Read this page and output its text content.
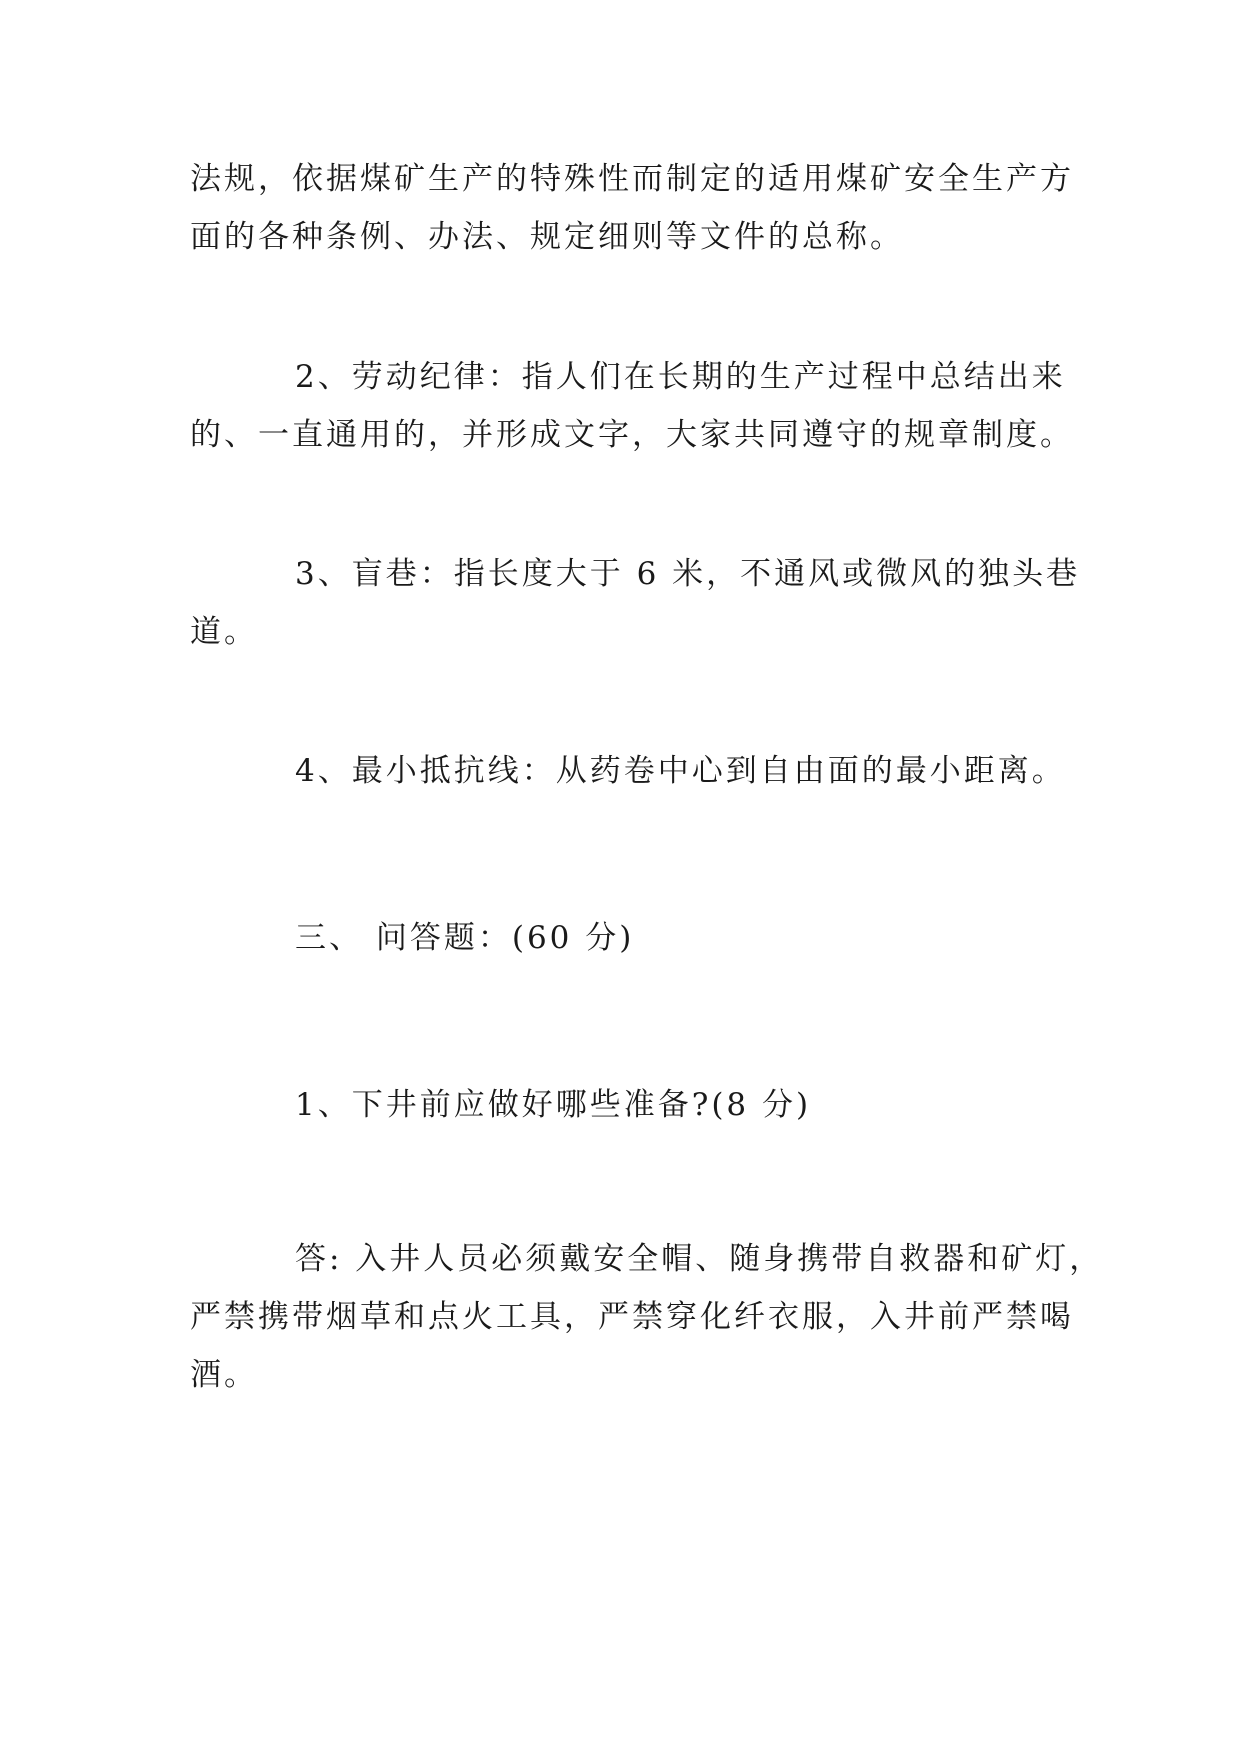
法规，依据煤矿生产的特殊性而制定的适用煤矿安全生产方
面的各种条例、办法、规定细则等文件的总称。

2、劳动纪律：指人们在长期的生产过程中总结出来
的、一直通用的，并形成文字，大家共同遵守的规章制度。

3、盲巷：指长度大于 6 米，不通风或微风的独头巷
道。

4、最小抵抗线：从药卷中心到自由面的最小距离。

三、 问答题：(60 分)

1、下井前应做好哪些准备?(8 分)

答: 入井人员必须戴安全帽、随身携带自救器和矿灯，
严禁携带烟草和点火工具，严禁穿化纤衣服，入井前严禁喝
酒。
